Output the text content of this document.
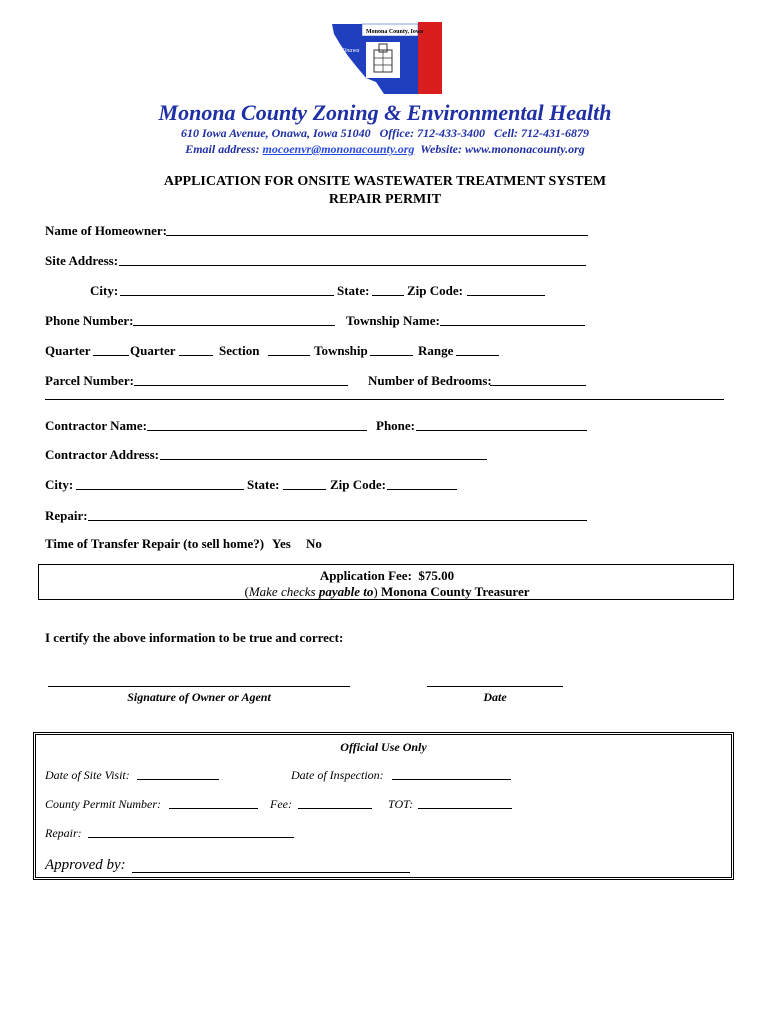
Monona County, Iowa
Onawa
Monona County Zoning & Environmental Health
610 Iowa Avenue, Onawa, Iowa 51040   Office: 712-433-3400   Cell: 712-431-6879
Email address: mocoenvr@mononacounty.org  Website: www.mononacounty.org
APPLICATION FOR ONSITE WASTEWATER TREATMENT SYSTEM
REPAIR PERMIT
Name of Homeowner:
Site Address:
City:	State:	Zip Code:
Phone Number:	Township Name:
Quarter	Quarter	Section	Township	Range
Parcel Number:	Number of Bedrooms:
Contractor Name:	Phone:
Contractor Address:
City:	State:	Zip Code:
Repair:
Time of Transfer Repair (to sell home?) Yes No
Application Fee:  $75.00
(Make checks payable to) Monona County Treasurer
I certify the above information to be true and correct:
Signature of Owner or Agent	Date
Official Use Only
Date of Site Visit:	Date of Inspection:
County Permit Number:	Fee:	TOT:
Repair:
Approved by:
